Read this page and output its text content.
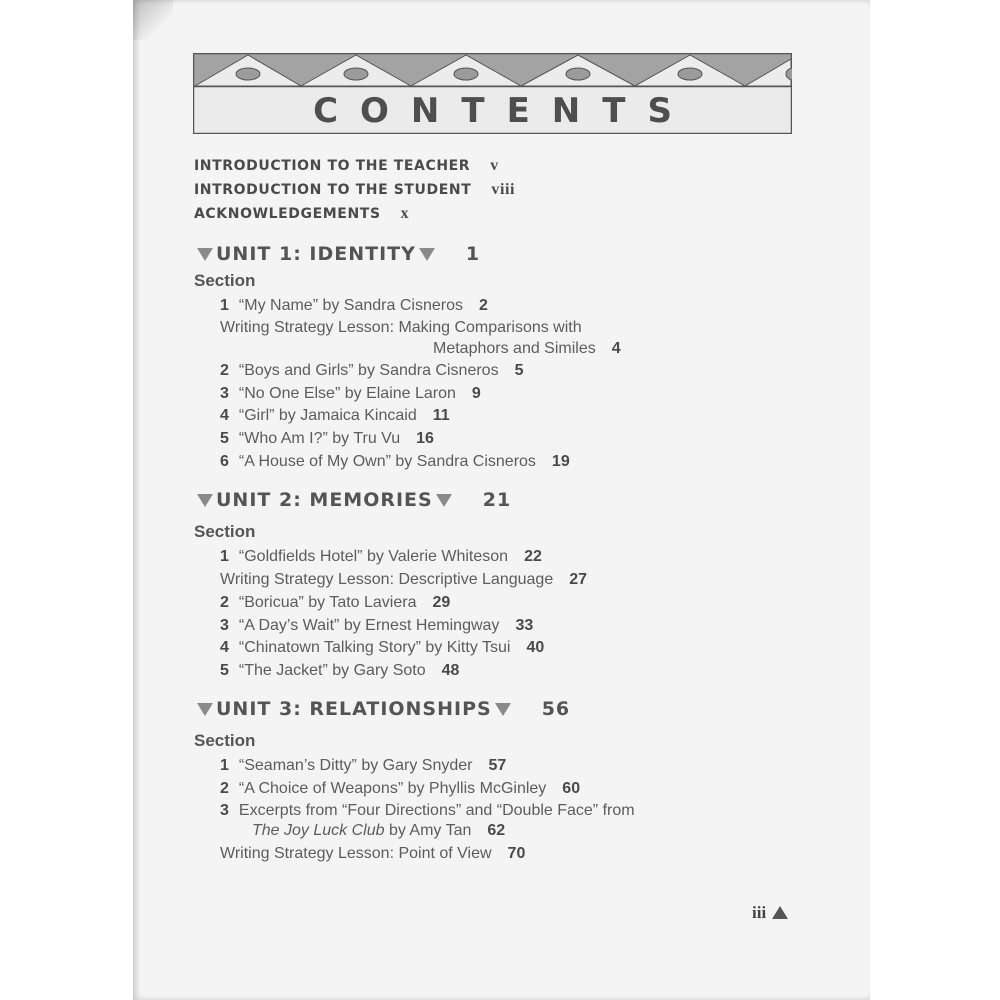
CONTENTS
INTRODUCTION TO THE TEACHER v
INTRODUCTION TO THE STUDENT viii
ACKNOWLEDGEMENTS x
UNIT 1: IDENTITY	1
Section
1 “My Name” by Sandra Cisneros 2
Writing Strategy Lesson: Making Comparisons with
Metaphors and Similes 4
2 “Boys and Girls” by Sandra Cisneros 5
3 “No One Else” by Elaine Laron 9
4 “Girl” by Jamaica Kincaid 11
5 “Who Am I?” by Tru Vu 16
6 “A House of My Own” by Sandra Cisneros 19
UNIT 2: MEMORIES	21
Section
1 “Goldfields Hotel” by Valerie Whiteson 22
Writing Strategy Lesson: Descriptive Language 27
2 “Boricua” by Tato Laviera 29
3 “A Day’s Wait” by Ernest Hemingway 33
4 “Chinatown Talking Story” by Kitty Tsui 40
5 “The Jacket” by Gary Soto 48
UNIT 3: RELATIONSHIPS	56
Section
1 “Seaman’s Ditty” by Gary Snyder 57
2 “A Choice of Weapons” by Phyllis McGinley 60
3 Excerpts from “Four Directions” and “Double Face” from
The Joy Luck Club by Amy Tan 62
Writing Strategy Lesson: Point of View 70
iii
